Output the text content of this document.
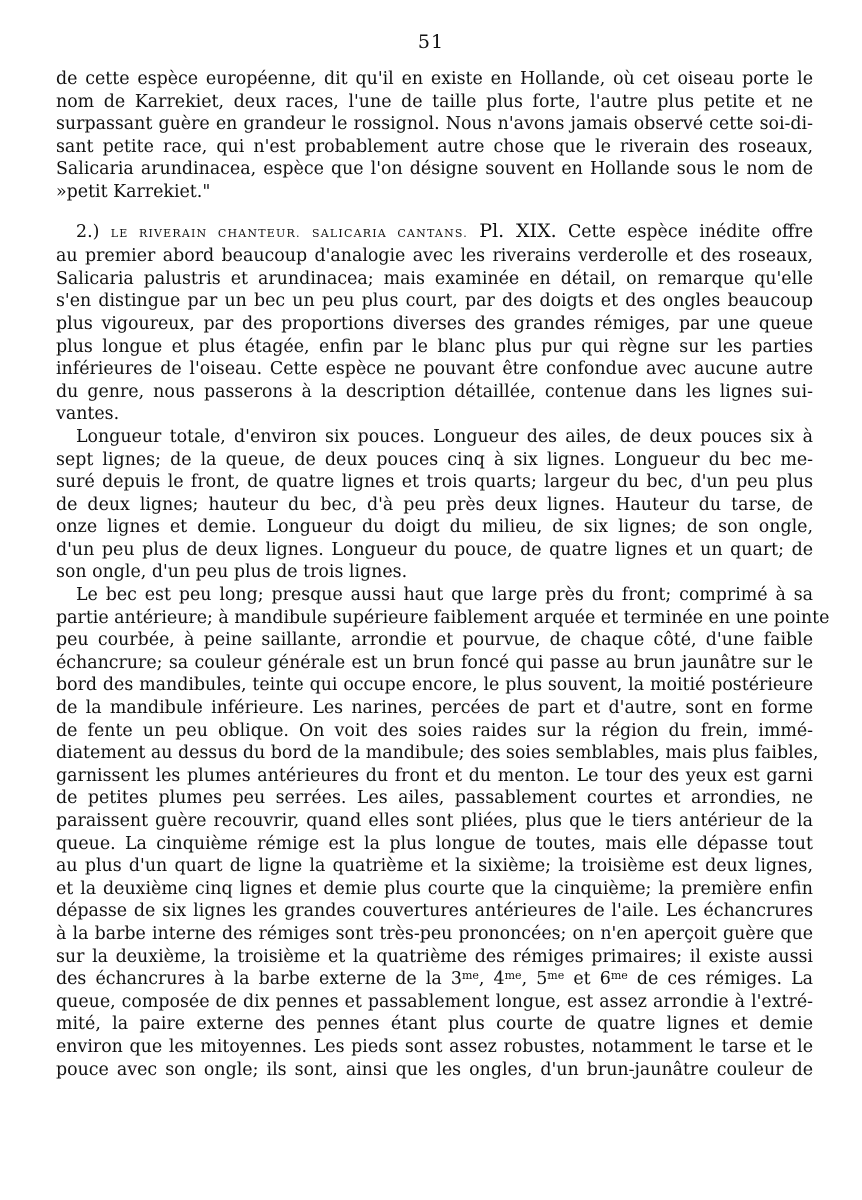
51
de cette espèce européenne, dit qu'il en existe en Hollande, où cet oiseau porte le
nom de Karrekiet, deux races, l'une de taille plus forte, l'autre plus petite et ne
surpassant guère en grandeur le rossignol. Nous n'avons jamais observé cette soi-di-
sant petite race, qui n'est probablement autre chose que le riverain des roseaux,
Salicaria arundinacea, espèce que l'on désigne souvent en Hollande sous le nom de
»petit Karrekiet."
2.) LE RIVERAIN CHANTEUR. SALICARIA CANTANS. Pl. XIX. Cette espèce inédite offre
au premier abord beaucoup d'analogie avec les riverains verderolle et des roseaux,
Salicaria palustris et arundinacea; mais examinée en détail, on remarque qu'elle
s'en distingue par un bec un peu plus court, par des doigts et des ongles beaucoup
plus vigoureux, par des proportions diverses des grandes rémiges, par une queue
plus longue et plus étagée, enfin par le blanc plus pur qui règne sur les parties
inférieures de l'oiseau. Cette espèce ne pouvant être confondue avec aucune autre
du genre, nous passerons à la description détaillée, contenue dans les lignes sui-
vantes.
Longueur totale, d'environ six pouces. Longueur des ailes, de deux pouces six à
sept lignes; de la queue, de deux pouces cinq à six lignes. Longueur du bec me-
suré depuis le front, de quatre lignes et trois quarts; largeur du bec, d'un peu plus
de deux lignes; hauteur du bec, d'à peu près deux lignes. Hauteur du tarse, de
onze lignes et demie. Longueur du doigt du milieu, de six lignes; de son ongle,
d'un peu plus de deux lignes. Longueur du pouce, de quatre lignes et un quart; de
son ongle, d'un peu plus de trois lignes.
Le bec est peu long; presque aussi haut que large près du front; comprimé à sa
partie antérieure; à mandibule supérieure faiblement arquée et terminée en une pointe
peu courbée, à peine saillante, arrondie et pourvue, de chaque côté, d'une faible
échancrure; sa couleur générale est un brun foncé qui passe au brun jaunâtre sur le
bord des mandibules, teinte qui occupe encore, le plus souvent, la moitié postérieure
de la mandibule inférieure. Les narines, percées de part et d'autre, sont en forme
de fente un peu oblique. On voit des soies raides sur la région du frein, immé-
diatement au dessus du bord de la mandibule; des soies semblables, mais plus faibles,
garnissent les plumes antérieures du front et du menton. Le tour des yeux est garni
de petites plumes peu serrées. Les ailes, passablement courtes et arrondies, ne
paraissent guère recouvrir, quand elles sont pliées, plus que le tiers antérieur de la
queue. La cinquième rémige est la plus longue de toutes, mais elle dépasse tout
au plus d'un quart de ligne la quatrième et la sixième; la troisième est deux lignes,
et la deuxième cinq lignes et demie plus courte que la cinquième; la première enfin
dépasse de six lignes les grandes couvertures antérieures de l'aile. Les échancrures
à la barbe interne des rémiges sont très-peu prononcées; on n'en aperçoit guère que
sur la deuxième, la troisième et la quatrième des rémiges primaires; il existe aussi
des échancrures à la barbe externe de la $3^{me}$, $4^{me}$, $5^{me}$ et $6^{me}$ de ces rémiges. La
queue, composée de dix pennes et passablement longue, est assez arrondie à l'extré-
mité, la paire externe des pennes étant plus courte de quatre lignes et demie
environ que les mitoyennes. Les pieds sont assez robustes, notamment le tarse et le
pouce avec son ongle; ils sont, ainsi que les ongles, d'un brun-jaunâtre couleur de
